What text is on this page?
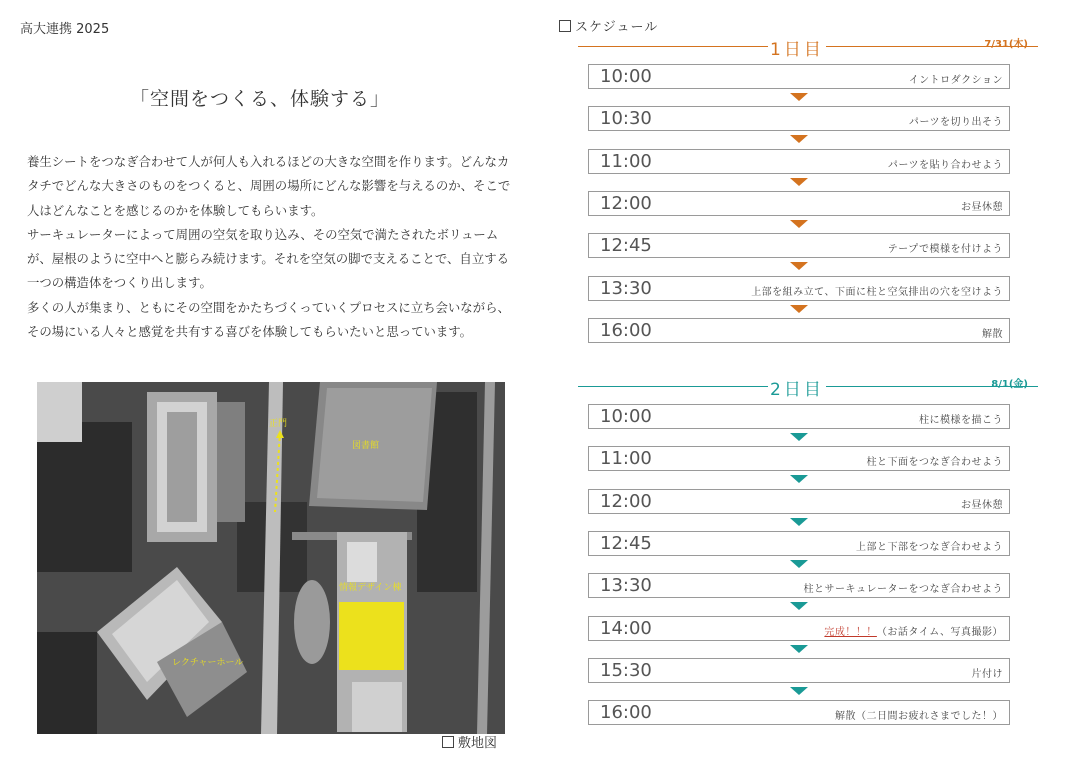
高大連携 2025
「空間をつくる、体験する」

養生シートをつなぎ合わせて人が何人も入れるほどの大きな空間を作ります。どんなカタチでどんな大きさのものをつくると、周囲の場所にどんな影響を与えるのか、そこで人はどんなことを感じるのかを体験してもらいます。

サーキュレーターによって周囲の空気を取り込み、その空気で満たされたボリュームが、屋根のように空中へと膨らみ続けます。それを空気の脚で支えることで、自立する一つの構造体をつくり出します。

多くの人が集まり、ともにその空間をかたちづくっていくプロセスに立ち会いながら、その場にいる人々と感覚を共有する喜びを体験してもらいたいと思っています。

正門
図書館
情報デザイン棟
レクチャーホール
敷地図
スケジュール
1日目	7/31(木)
10:00	イントロダクション
10:30	パーツを切り出そう
11:00	パーツを貼り合わせよう
12:00	お昼休憩
12:45	テープで模様を付けよう
13:30	上部を組み立て、下面に柱と空気排出の穴を空けよう
16:00	解散
2日目	8/1(金)
10:00	柱に模様を描こう
11:00	柱と下面をつなぎ合わせよう
12:00	お昼休憩
12:45	上部と下部をつなぎ合わせよう
13:30	柱とサーキュレーターをつなぎ合わせよう
14:00	完成！！！（お話タイム、写真撮影）
15:30	片付け
16:00	解散（二日間お疲れさまでした！）
